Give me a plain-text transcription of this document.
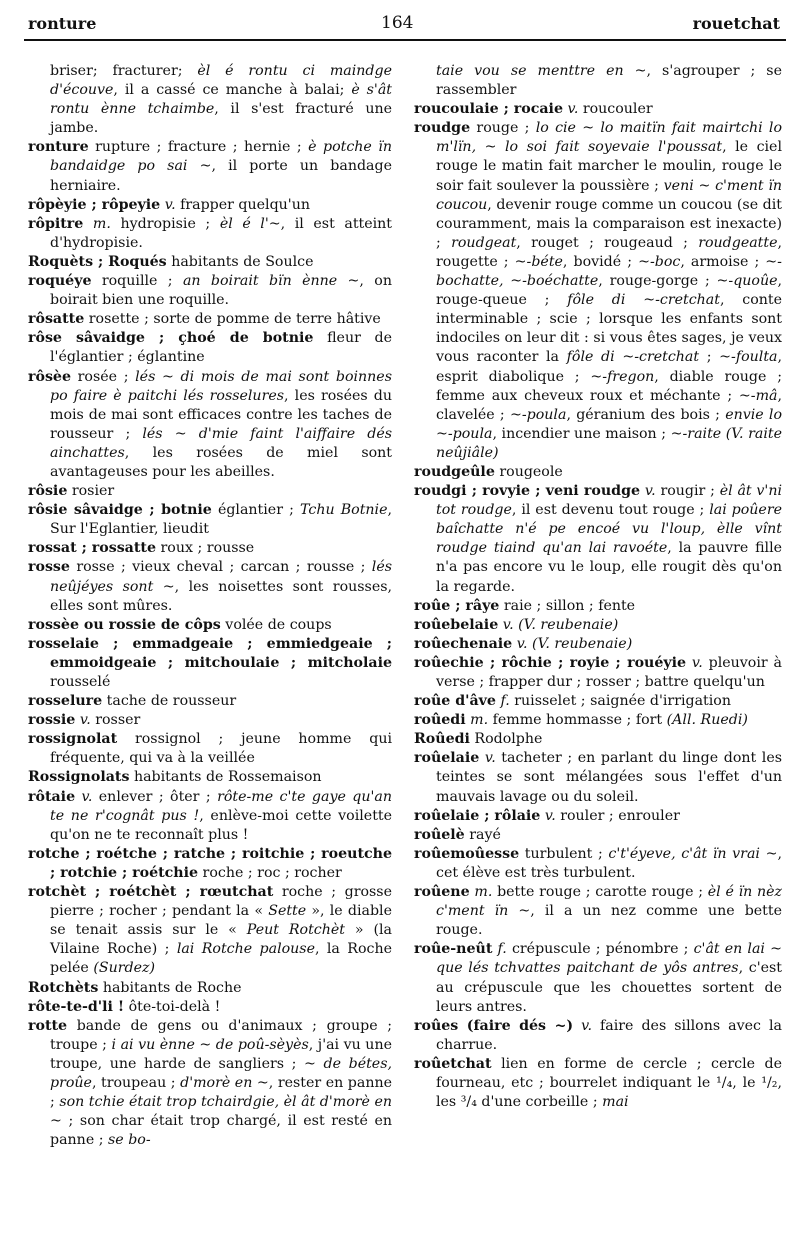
ronture	164	rouetchat

briser; fracturer; èl é rontu ci maindge d'écouve, il a cassé ce manche à balai; è s'ât rontu ènne tchaimbe, il s'est fracturé une jambe.

ronture rupture ; fracture ; hernie ; è potche ïn bandaidge po sai ~, il porte un bandage herniaire.

rôpèyie ; rôpeyie v. frapper quelqu'un

rôpitre m. hydropisie ; èl é l'~, il est atteint d'hydropisie.

Roquèts ; Roqués habitants de Soulce

roquéye roquille ; an boirait bïn ènne ~, on boirait bien une roquille.

rôsatte rosette ; sorte de pomme de terre hâtive

rôse sâvaidge ; çhoé de botnie fleur de l'églantier ; églantine

rôsèe rosée ; lés ~ di mois de mai sont boinnes po faire è paitchi lés rosselures, les rosées du mois de mai sont efficaces contre les taches de rousseur ; lés ~ d'mie faint l'aiffaire dés ainchattes, les rosées de miel sont avantageuses pour les abeilles.

rôsie rosier

rôsie sâvaidge ; botnie églantier ; Tchu Botnie, Sur l'Eglantier, lieudit

rossat ; rossatte roux ; rousse

rosse rosse ; vieux cheval ; carcan ; rousse ; lés neûjéyes sont ~, les noisettes sont rousses, elles sont mûres.

rossèe ou rossie de côps volée de coups

rosselaie ; emmadgeaie ; emmiedgeaie ; emmoidgeaie ; mitchoulaie ; mitcholaie rousselé

rosselure tache de rousseur

rossie v. rosser

rossignolat rossignol ; jeune homme qui fréquente, qui va à la veillée

Rossignolats habitants de Rossemaison

rôtaie v. enlever ; ôter ; rôte-me c'te gaye qu'an te ne r'cognât pus !, enlève-moi cette voilette qu'on ne te reconnaît plus !

rotche ; roétche ; ratche ; roitchie ; roeutche ; rotchie ; roétchie roche ; roc ; rocher

rotchèt ; roétchèt ; rœutchat roche ; grosse pierre ; rocher ; pendant la « Sette », le diable se tenait assis sur le « Peut Rotchèt » (la Vilaine Roche) ; lai Rotche palouse, la Roche pelée (Surdez)

Rotchèts habitants de Roche

rôte-te-d'li ! ôte-toi-delà !

rotte bande de gens ou d'animaux ; groupe ; troupe ; i ai vu ènne ~ de poû-sèyès, j'ai vu une troupe, une harde de sangliers ; ~ de bétes, proûe, troupeau ; d'morè en ~, rester en panne ; son tchie était trop tchairdgie, èl ât d'morè en ~ ; son char était trop chargé, il est resté en panne ; se bo-

taie vou se menttre en ~, s'agrouper ; se rassembler

roucoulaie ; rocaie v. roucouler

roudge rouge ; lo cie ~ lo maitïn fait mairtchi lo m'lïn, ~ lo soi fait soyevaie l'poussat, le ciel rouge le matin fait marcher le moulin, rouge le soir fait soulever la poussière ; veni ~ c'ment ïn coucou, devenir rouge comme un coucou (se dit couramment, mais la comparaison est inexacte) ; roudgeat, rouget ; rougeaud ; roudgeatte, rougette ; ~-béte, bovidé ; ~-boc, armoise ; ~-bochatte, ~-boéchatte, rouge-gorge ; ~-quoûe, rouge-queue ; fôle di ~-cretchat, conte interminable ; scie ; lorsque les enfants sont indociles on leur dit : si vous êtes sages, je veux vous raconter la fôle di ~-cretchat ; ~-foulta, esprit diabolique ; ~-fregon, diable rouge ; femme aux cheveux roux et méchante ; ~-mâ, clavelée ; ~-poula, géranium des bois ; envie lo ~-poula, incendier une maison ; ~-raite (V. raite neûjiâle)

roudgeûle rougeole

roudgi ; rovyie ; veni roudge v. rougir ; èl ât v'ni tot roudge, il est devenu tout rouge ; lai poûere baîchatte n'é pe encoé vu l'loup, èlle vînt roudge tiaind qu'an lai ravoéte, la pauvre fille n'a pas encore vu le loup, elle rougit dès qu'on la regarde.

roûe ; râye raie ; sillon ; fente

roûebelaie v. (V. reubenaie)

roûechenaie v. (V. reubenaie)

roûechie ; rôchie ; royie ; rouéyie v. pleuvoir à verse ; frapper dur ; rosser ; battre quelqu'un

roûe d'âve f. ruisselet ; saignée d'irrigation

roûedi m. femme hommasse ; fort (All. Ruedi)

Roûedi Rodolphe

roûelaie v. tacheter ; en parlant du linge dont les teintes se sont mélangées sous l'effet d'un mauvais lavage ou du soleil.

roûelaie ; rôlaie v. rouler ; enrouler

roûelè rayé

roûemoûesse turbulent ; c't'éyeve, c'ât ïn vrai ~, cet élève est très turbulent.

roûene m. bette rouge ; carotte rouge ; èl é ïn nèz c'ment ïn ~, il a un nez comme une bette rouge.

roûe-neût f. crépuscule ; pénombre ; c'ât en lai ~ que lés tchvattes paitchant de yôs antres, c'est au crépuscule que les chouettes sortent de leurs antres.

roûes (faire dés ~) v. faire des sillons avec la charrue.

roûetchat lien en forme de cercle ; cercle de fourneau, etc ; bourrelet indiquant le ¹/₄, le ¹/₂, les ³/₄ d'une corbeille ; mai
